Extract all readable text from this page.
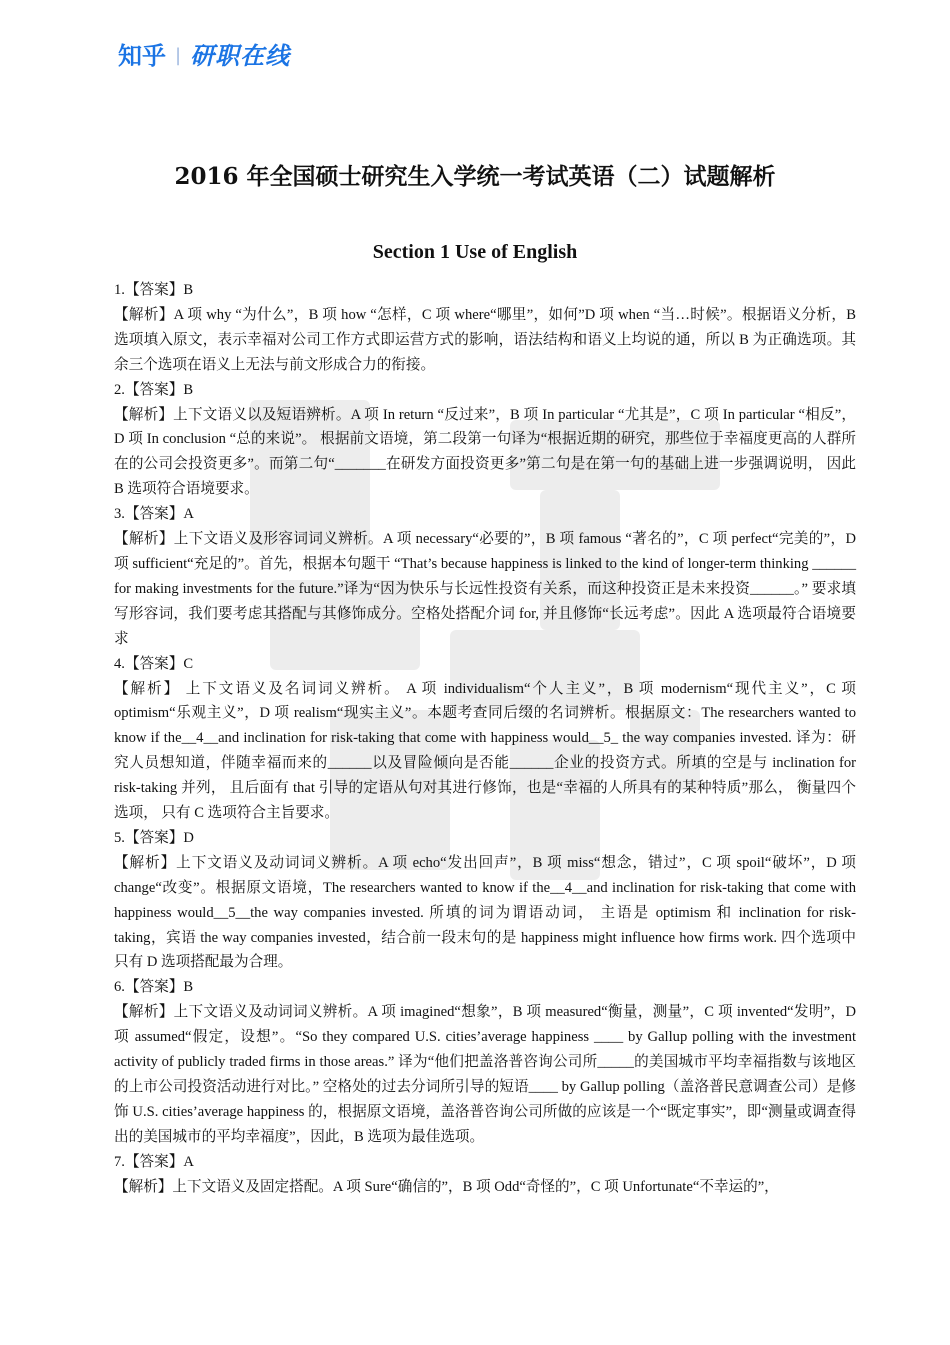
知乎 | 研职在线
2016 年全国硕士研究生入学统一考试英语（二）试题解析
Section 1 Use of English

1.【答案】B

【解析】A 项 why “为什么”，B 项 how “怎样，C 项 where“哪里”，如何”D 项 when “当…时候”。根据语义分析，B 选项填入原文，表示幸福对公司工作方式即运营方式的影响，语法结构和语义上均说的通，所以 B 为正确选项。其余三个选项在语义上无法与前文形成合力的衔接。

2.【答案】B

【解析】上下文语义以及短语辨析。A 项 In return “反过来”，B 项 In particular “尤其是”，C 项 In particular “相反”，D 项 In conclusion “总的来说”。 根据前文语境，第二段第一句译为“根据近期的研究，那些位于幸福度更高的人群所在的公司会投资更多”。而第二句“_______在研发方面投资更多”第二句是在第一句的基础上进一步强调说明， 因此 B 选项符合语境要求。

3.【答案】A

【解析】上下文语义及形容词词义辨析。A 项 necessary“必要的”，B 项 famous “著名的”，C 项 perfect“完美的”，D 项 sufficient“充足的”。首先，根据本句题干 “That’s because happiness is linked to the kind of longer-term thinking ______ for making investments for the future.”译为“因为快乐与长远性投资有关系，而这种投资正是未来投资______。” 要求填写形容词，我们要考虑其搭配与其修饰成分。空格处搭配介词 for, 并且修饰“长远考虑”。因此 A 选项最符合语境要求

4.【答案】C

【解析】 上下文语义及名词词义辨析。 A 项 individualism“个人主义”，B 项 modernism“现代主义”，C 项 optimism“乐观主义”，D 项 realism“现实主义”。本题考查同后缀的名词辨析。根据原文：The researchers wanted to know if the__4__and inclination for risk-taking that come with happiness would__5_ the way companies invested. 译为：研究人员想知道，伴随幸福而来的______以及冒险倾向是否能______企业的投资方式。所填的空是与 inclination for risk-taking 并列， 且后面有 that 引导的定语从句对其进行修饰，也是“幸福的人所具有的某种特质”那么， 衡量四个选项， 只有 C 选项符合主旨要求。

5.【答案】D

【解析】上下文语义及动词词义辨析。A 项 echo“发出回声”，B 项 miss“想念，错过”，C 项 spoil“破坏”，D 项 change“改变”。根据原文语境，The researchers wanted to know if the__4__and inclination for risk-taking that come with happiness would__5__the way companies invested. 所填的词为谓语动词， 主语是 optimism 和 inclination for risk-taking，宾语 the way companies invested，结合前一段末句的是 happiness might influence how firms work. 四个选项中只有 D 选项搭配最为合理。

6.【答案】B

【解析】上下文语义及动词词义辨析。A 项 imagined“想象”，B 项 measured“衡量，测量”，C 项 invented“发明”，D 项 assumed“假定，设想”。“So they compared U.S. cities’average happiness ____ by Gallup polling with the investment activity of publicly traded firms in those areas.” 译为“他们把盖洛普咨询公司所_____的美国城市平均幸福指数与该地区的上市公司投资活动进行对比。” 空格处的过去分词所引导的短语____ by Gallup polling（盖洛普民意调查公司）是修饰 U.S. cities’average happiness 的，根据原文语境，盖洛普咨询公司所做的应该是一个“既定事实”，即“测量或调查得出的美国城市的平均幸福度”，因此，B 选项为最佳选项。

7.【答案】A

【解析】上下文语义及固定搭配。A 项 Sure“确信的”，B 项 Odd“奇怪的”，C 项 Unfortunate“不幸运的”，
